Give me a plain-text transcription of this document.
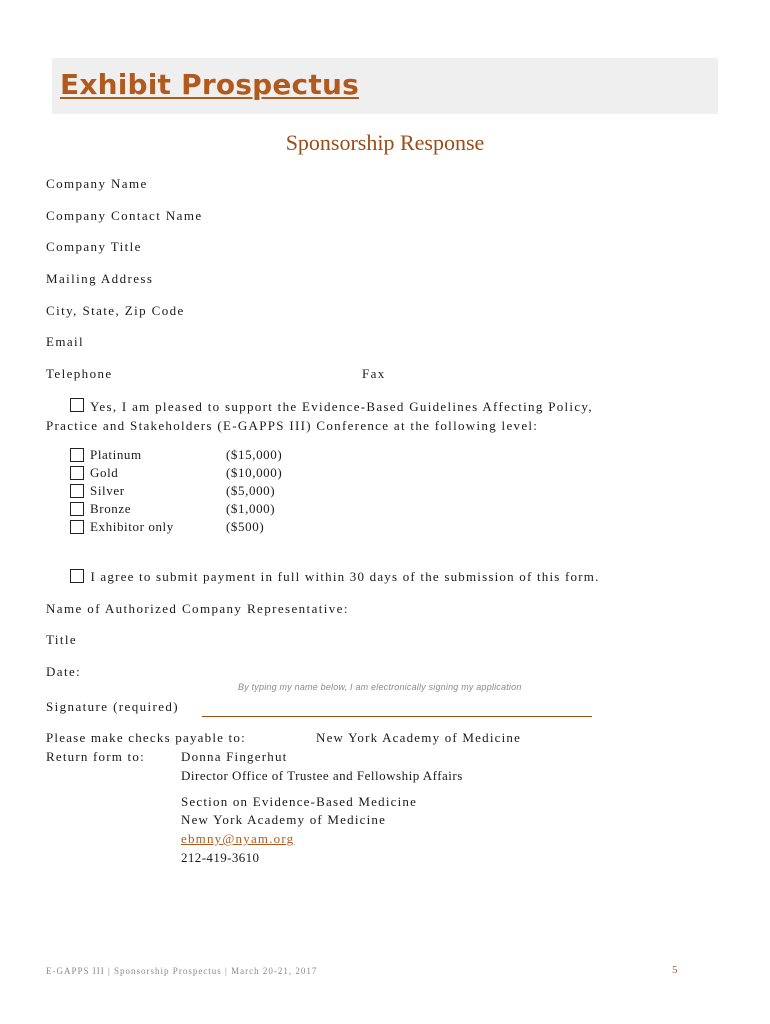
Exhibit Prospectus
Sponsorship Response
Company Name
Company Contact Name
Company Title
Mailing Address
City, State, Zip Code
Email
Telephone	Fax
Yes, I am pleased to support the Evidence-Based Guidelines Affecting Policy,
Practice and Stakeholders (E-GAPPS III) Conference at the following level:
Platinum	($15,000)
Gold	($10,000)
Silver	($5,000)
Bronze	($1,000)
Exhibitor only	($500)
I agree to submit payment in full within 30 days of the submission of this form.
Name of Authorized Company Representative:
Title
Date:
By typing my name below, I am electronically signing my application
Signature (required)
Please make checks payable to:	New York Academy of Medicine
Return form to:	Donna Fingerhut
Director Office of Trustee and Fellowship Affairs
Section on Evidence-Based Medicine
New York Academy of Medicine
ebmny@nyam.org
212-419-3610
E-GAPPS III | Sponsorship Prospectus | March 20-21, 2017	5
